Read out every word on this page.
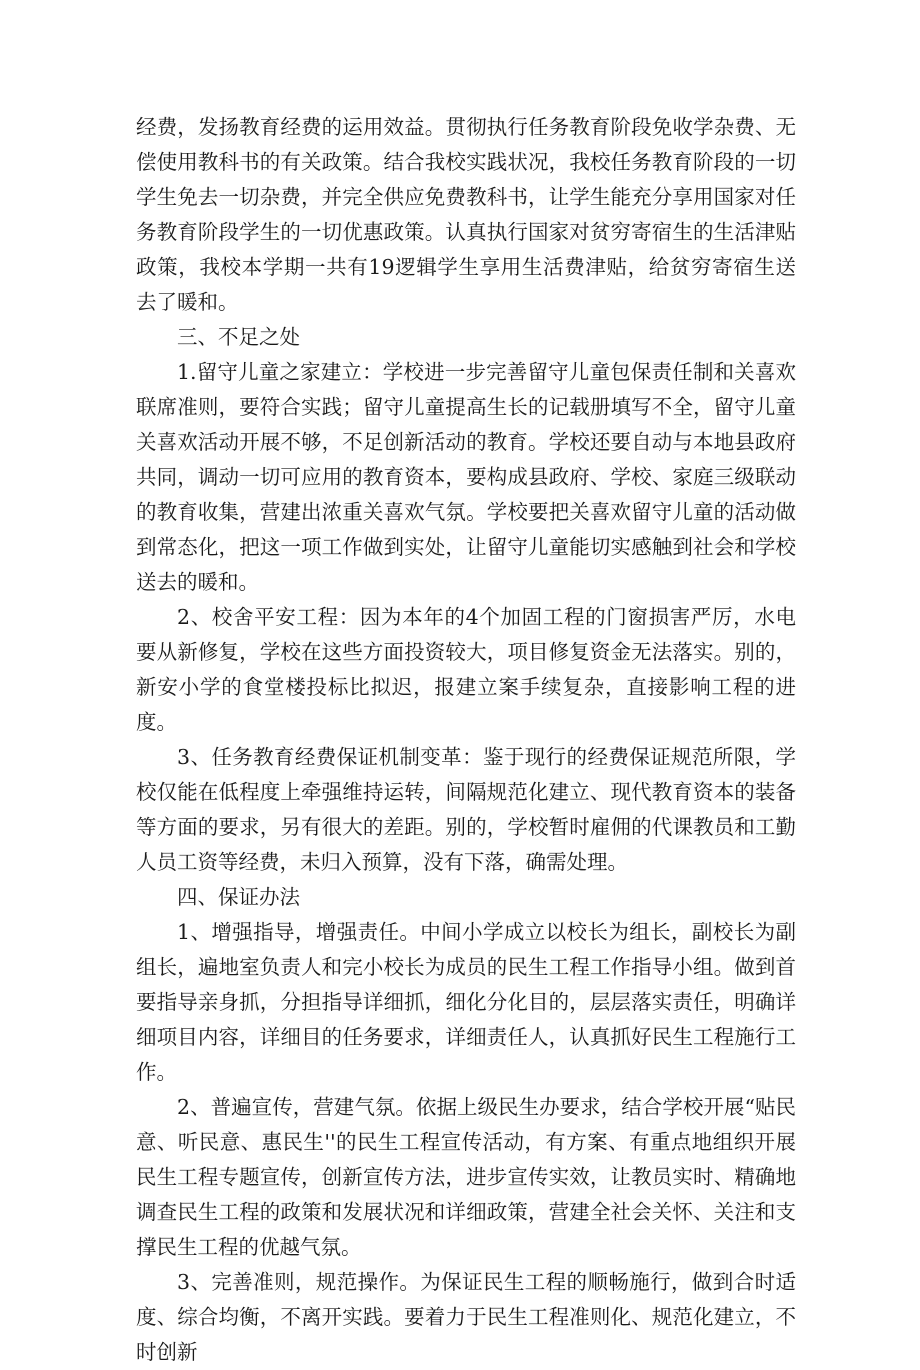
经费，发扬教育经费的运用效益。贯彻执行任务教育阶段免收学杂费、无偿使用教科书的有关政策。结合我校实践状况，我校任务教育阶段的一切学生免去一切杂费，并完全供应免费教科书，让学生能充分享用国家对任务教育阶段学生的一切优惠政策。认真执行国家对贫穷寄宿生的生活津贴政策，我校本学期一共有19逻辑学生享用生活费津贴，给贫穷寄宿生送去了暖和。

三、不足之处

1.留守儿童之家建立：学校进一步完善留守儿童包保责任制和关喜欢联席准则，要符合实践；留守儿童提高生长的记载册填写不全，留守儿童关喜欢活动开展不够，不足创新活动的教育。学校还要自动与本地县政府共同，调动一切可应用的教育资本，要构成县政府、学校、家庭三级联动的教育收集，营建出浓重关喜欢气氛。学校要把关喜欢留守儿童的活动做到常态化，把这一项工作做到实处，让留守儿童能切实感触到社会和学校送去的暖和。

2、校舍平安工程：因为本年的4个加固工程的门窗损害严厉，水电要从新修复，学校在这些方面投资较大，项目修复资金无法落实。别的，新安小学的食堂楼投标比拟迟，报建立案手续复杂，直接影响工程的进度。

3、任务教育经费保证机制变革：鉴于现行的经费保证规范所限，学校仅能在低程度上牵强维持运转，间隔规范化建立、现代教育资本的装备等方面的要求，另有很大的差距。别的，学校暂时雇佣的代课教员和工勤人员工资等经费，未归入预算，没有下落，确需处理。

四、保证办法

1、增强指导，增强责任。中间小学成立以校长为组长，副校长为副组长，遍地室负责人和完小校长为成员的民生工程工作指导小组。做到首要指导亲身抓，分担指导详细抓，细化分化目的，层层落实责任，明确详细项目内容，详细目的任务要求，详细责任人，认真抓好民生工程施行工作。

2、普遍宣传，营建气氛。依据上级民生办要求，结合学校开展“贴民意、听民意、惠民生''的民生工程宣传活动，有方案、有重点地组织开展民生工程专题宣传，创新宣传方法，进步宣传实效，让教员实时、精确地调查民生工程的政策和发展状况和详细政策，营建全社会关怀、关注和支撑民生工程的优越气氛。

3、完善准则，规范操作。为保证民生工程的顺畅施行，做到合时适度、综合均衡，不离开实践。要着力于民生工程准则化、规范化建立，不时创新
